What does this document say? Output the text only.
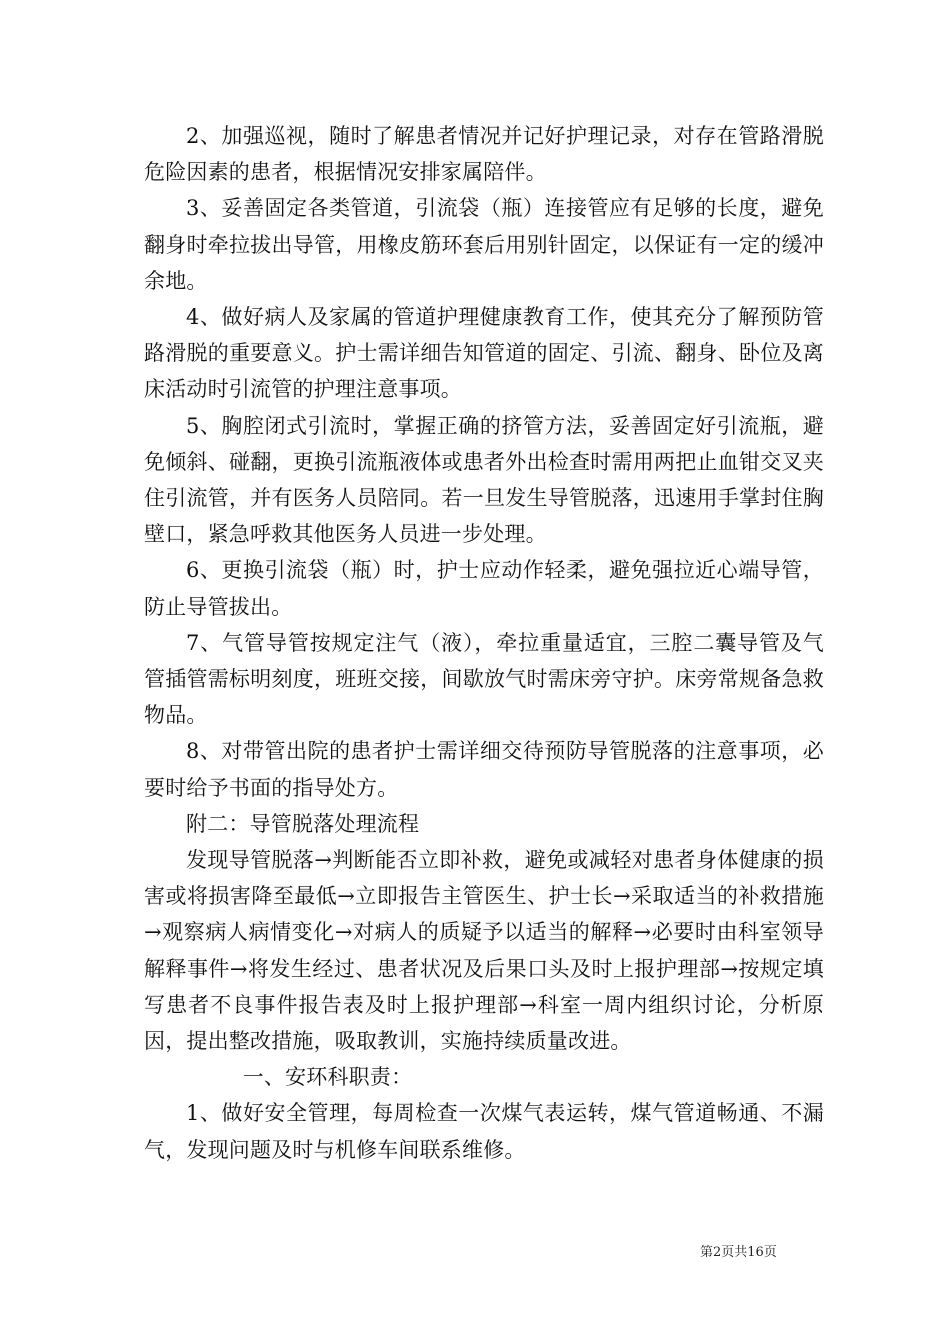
2、加强巡视，随时了解患者情况并记好护理记录，对存在管路滑脱危险因素的患者，根据情况安排家属陪伴。

3、妥善固定各类管道，引流袋（瓶）连接管应有足够的长度，避免翻身时牵拉拔出导管，用橡皮筋环套后用别针固定，以保证有一定的缓冲余地。

4、做好病人及家属的管道护理健康教育工作，使其充分了解预防管路滑脱的重要意义。护士需详细告知管道的固定、引流、翻身、卧位及离床活动时引流管的护理注意事项。

5、胸腔闭式引流时，掌握正确的挤管方法，妥善固定好引流瓶，避免倾斜、碰翻，更换引流瓶液体或患者外出检查时需用两把止血钳交叉夹住引流管，并有医务人员陪同。若一旦发生导管脱落，迅速用手掌封住胸壁口，紧急呼救其他医务人员进一步处理。

6、更换引流袋（瓶）时，护士应动作轻柔，避免强拉近心端导管，防止导管拔出。

7、气管导管按规定注气（液），牵拉重量适宜，三腔二囊导管及气管插管需标明刻度，班班交接，间歇放气时需床旁守护。床旁常规备急救物品。

8、对带管出院的患者护士需详细交待预防导管脱落的注意事项，必要时给予书面的指导处方。

附二：导管脱落处理流程

发现导管脱落→判断能否立即补救，避免或减轻对患者身体健康的损害或将损害降至最低→立即报告主管医生、护士长→采取适当的补救措施→观察病人病情变化→对病人的质疑予以适当的解释→必要时由科室领导解释事件→将发生经过、患者状况及后果口头及时上报护理部→按规定填写患者不良事件报告表及时上报护理部→科室一周内组织讨论，分析原因，提出整改措施，吸取教训，实施持续质量改进。

一、安环科职责：

1、做好安全管理，每周检查一次煤气表运转，煤气管道畅通、不漏气，发现问题及时与机修车间联系维修。

第2页共16页
